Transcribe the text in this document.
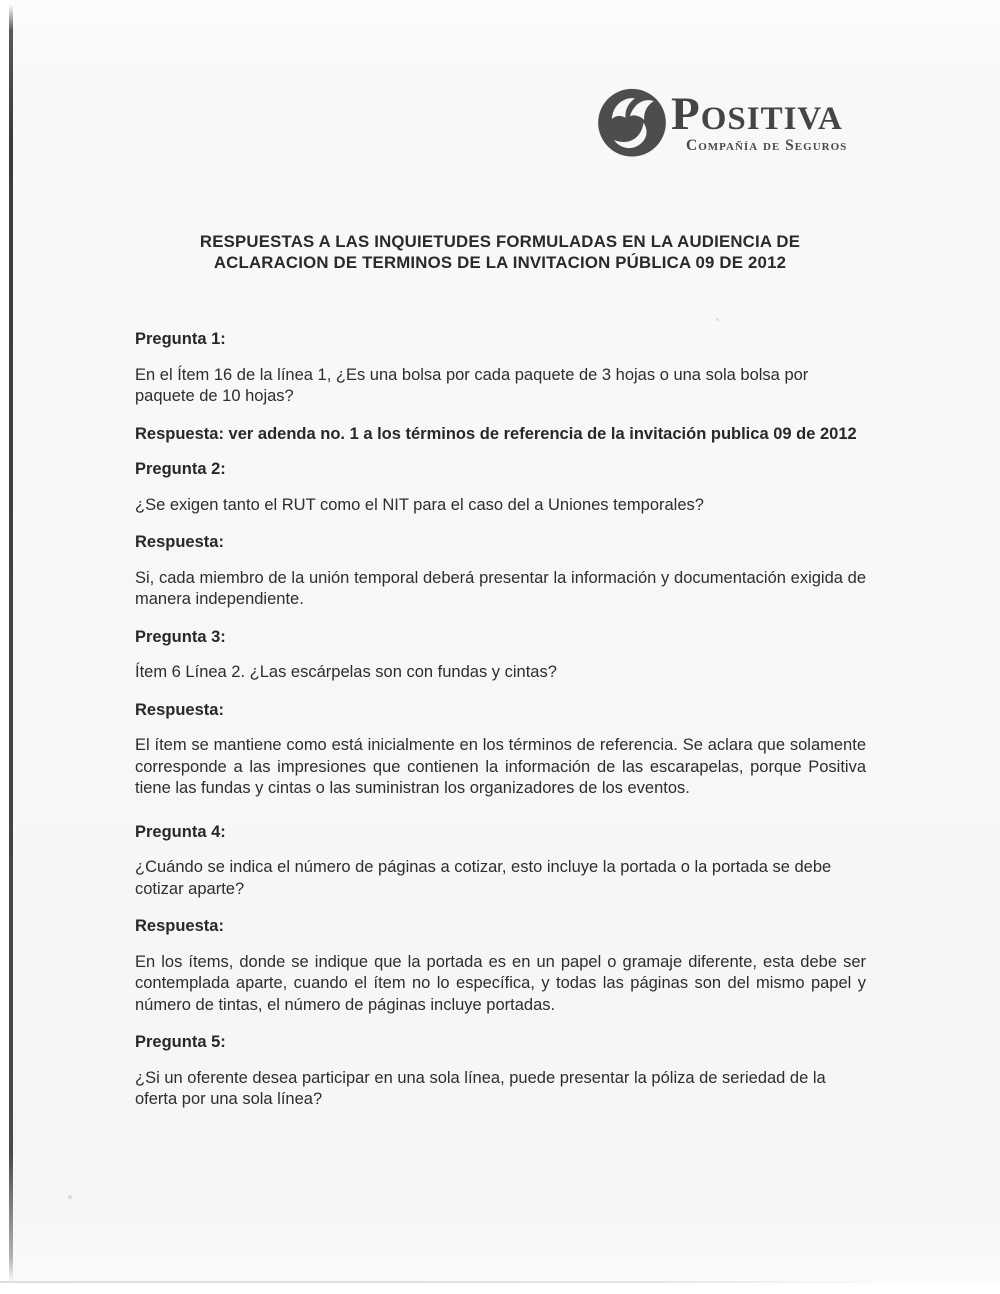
Positiva
Compañía de Seguros
RESPUESTAS A LAS INQUIETUDES FORMULADAS EN LA AUDIENCIA DE
ACLARACION DE TERMINOS DE LA INVITACION PÚBLICA 09 DE 2012

Pregunta 1:

En el Ítem 16 de la línea 1, ¿Es una bolsa por cada paquete de 3 hojas o una sola bolsa por paquete de 10 hojas?

Respuesta: ver adenda no. 1 a los términos de referencia de la invitación publica 09 de 2012

Pregunta 2:

¿Se exigen tanto el RUT como el NIT para el caso del a Uniones temporales?

Respuesta:

Si, cada miembro de la unión temporal deberá presentar la información y documentación exigida de manera independiente.

Pregunta 3:

Ítem 6 Línea 2. ¿Las escárpelas son con fundas y cintas?

Respuesta:

El ítem se mantiene como está inicialmente en los términos de referencia. Se aclara que solamente corresponde a las impresiones que contienen la información de las escarapelas, porque Positiva tiene las fundas y cintas o las suministran los organizadores de los eventos.

Pregunta 4:

¿Cuándo se indica el número de páginas a cotizar, esto incluye la portada o la portada se debe cotizar aparte?

Respuesta:

En los ítems, donde se indique que la portada es en un papel o gramaje diferente, esta debe ser contemplada aparte, cuando el ítem no lo específica, y todas las páginas son del mismo papel y número de tintas, el número de páginas incluye portadas.

Pregunta 5:

¿Si un oferente desea participar en una sola línea, puede presentar la póliza de seriedad de la oferta por una sola línea?
